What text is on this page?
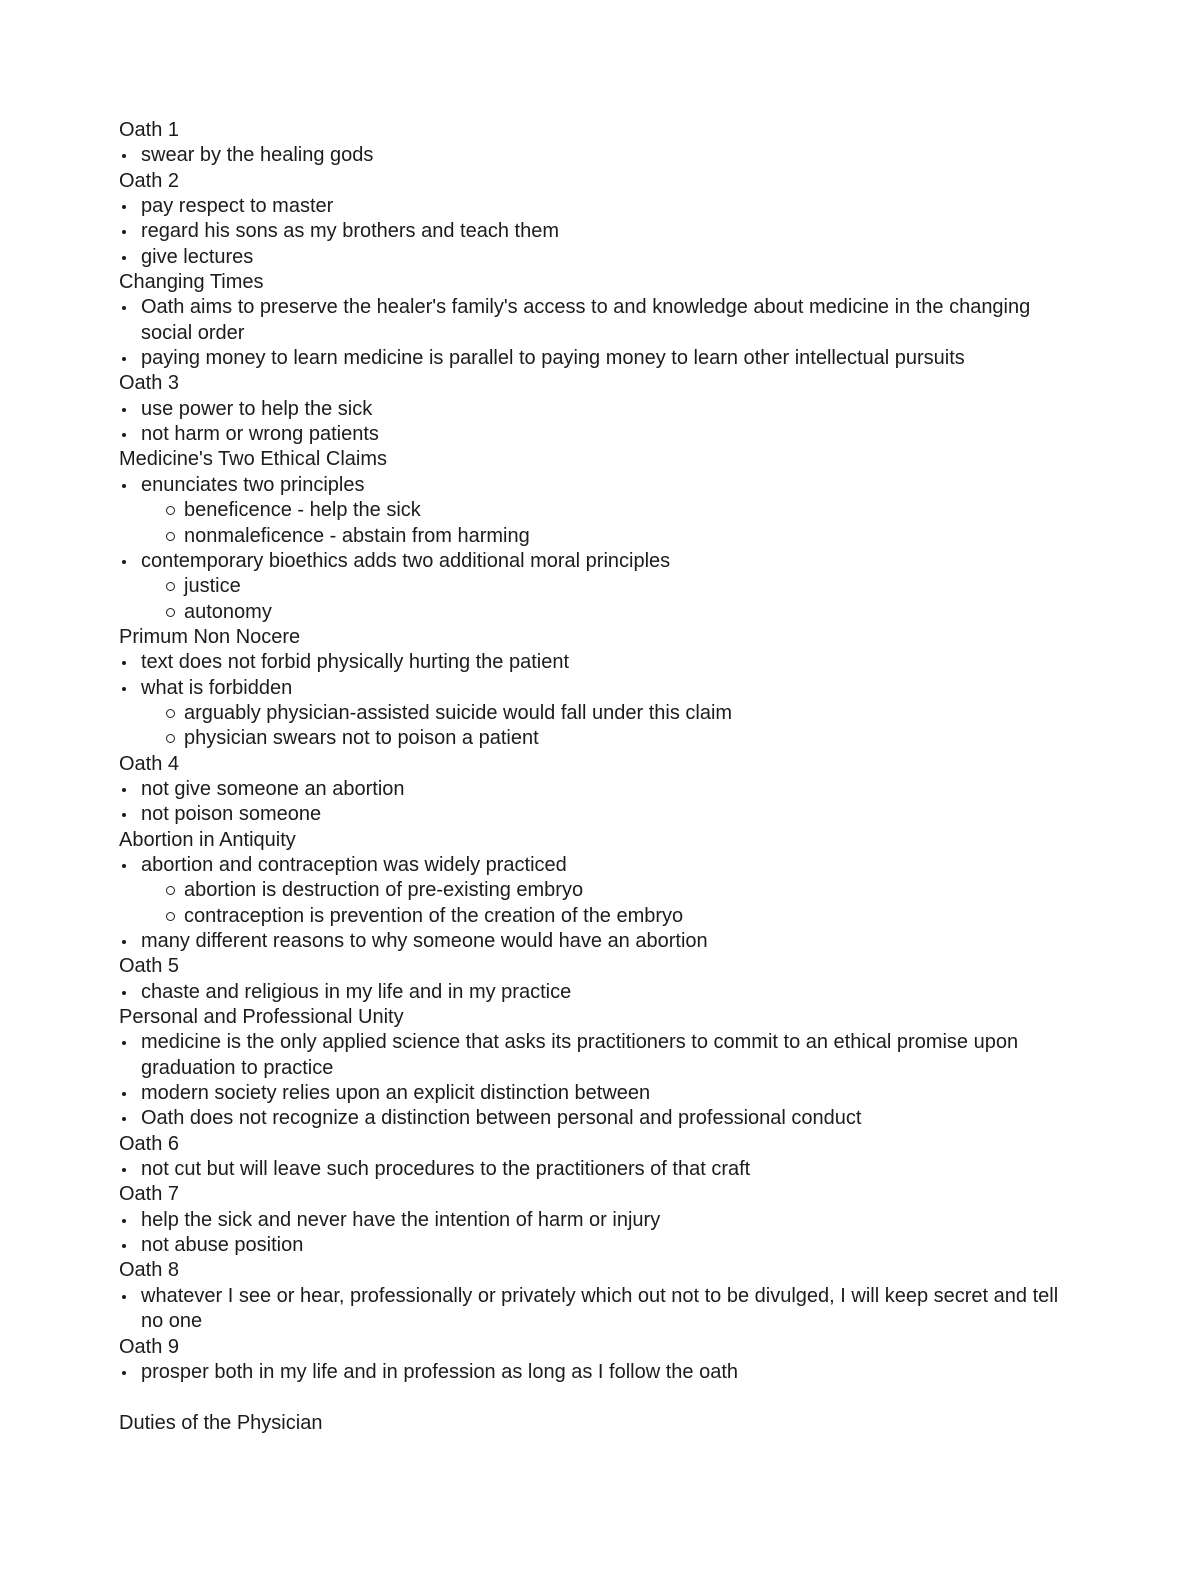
Oath 1
swear by the healing gods
Oath 2
pay respect to master
regard his sons as my brothers and teach them
give lectures
Changing Times
Oath aims to preserve the healer's family's access to and knowledge about medicine in the changing social order
paying money to learn medicine is parallel to paying money to learn other intellectual pursuits
Oath 3
use power to help the sick
not harm or wrong patients
Medicine's Two Ethical Claims
enunciates two principles
beneficence - help the sick
nonmaleficence - abstain from harming
contemporary bioethics adds two additional moral principles
justice
autonomy
Primum Non Nocere
text does not forbid physically hurting the patient
what is forbidden
arguably physician-assisted suicide would fall under this claim
physician swears not to poison a patient
Oath 4
not give someone an abortion
not poison someone
Abortion in Antiquity
abortion and contraception was widely practiced
abortion is destruction of pre-existing embryo
contraception is prevention of the creation of the embryo
many different reasons to why someone would have an abortion
Oath 5
chaste and religious in my life and in my practice
Personal and Professional Unity
medicine is the only applied science that asks its practitioners to commit to an ethical promise upon graduation to practice
modern society relies upon an explicit distinction between
Oath does not recognize a distinction between personal and professional conduct
Oath 6
not cut but will leave such procedures to the practitioners of that craft
Oath 7
help the sick and never have the intention of harm or injury
not abuse position
Oath 8
whatever I see or hear, professionally or privately which out not to be divulged, I will keep secret and tell no one
Oath 9
prosper both in my life and in profession as long as I follow the oath
Duties of the Physician
